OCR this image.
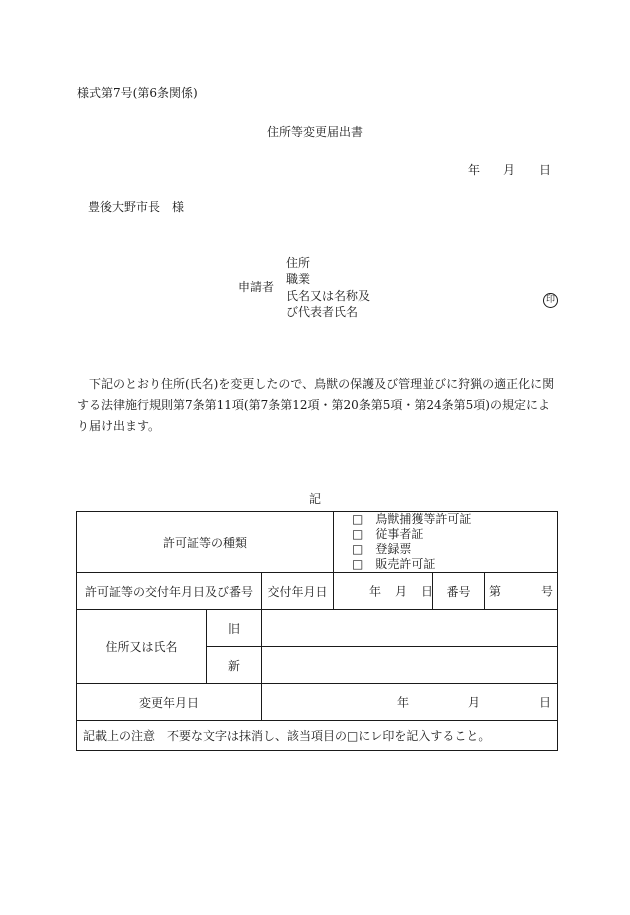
様式第7号(第6条関係)
住所等変更届出書
年 月 日
豊後大野市長　様
申請者
住所
職業
氏名又は名称及
び代表者氏名
印
下記のとおり住所(氏名)を変更したので、鳥獣の保護及び管理並びに狩猟の適正化に関する法律施行規則第7条第11項(第7条第12項・第20条第5項・第24条第5項)の規定により届け出ます。
記
許可証等の種類			□　 鳥獣捕獲等許可証□　 従事者証
□　 登録票□　 販売許可証		

許可証等の交付年月日及び番号		交付年月日	年 月 日	番号	第 号

住所又は氏名	旧				
	新				
変更年月日		年 月 日			

記載上の注意　不要な文字は抹消し、該当項目の□にレ印を記入すること。					
